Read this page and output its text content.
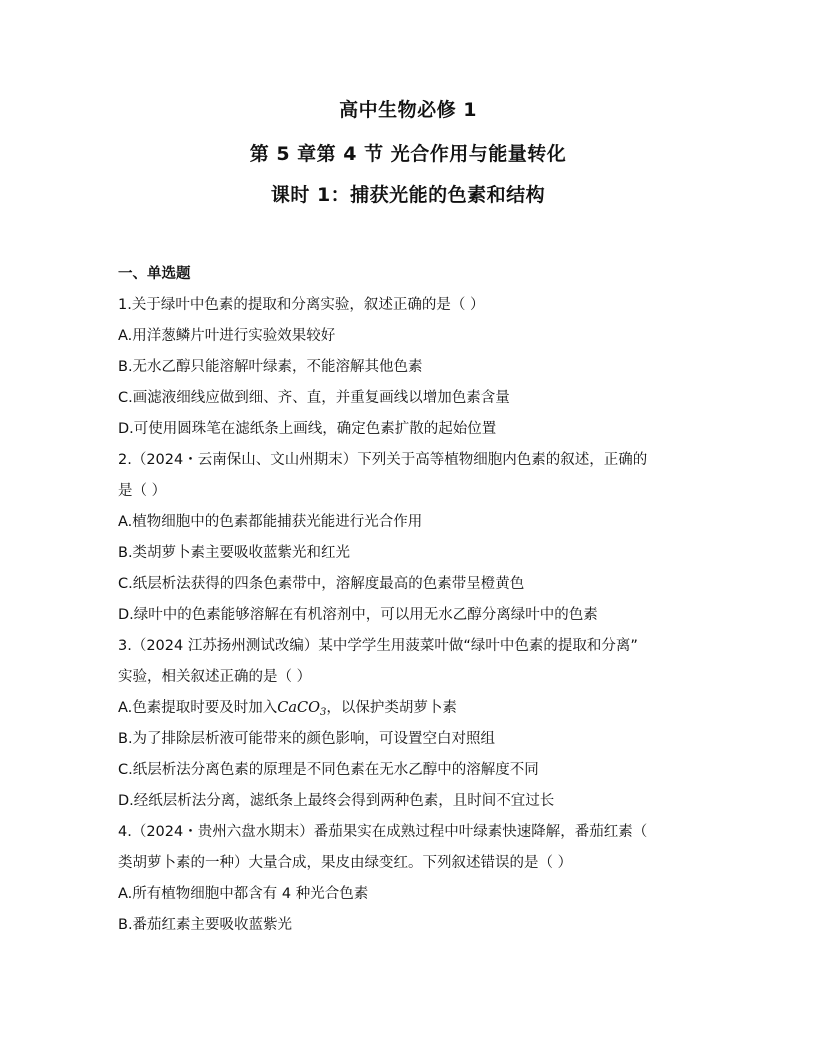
高中生物必修 1
第 5 章第 4 节 光合作用与能量转化
课时 1：捕获光能的色素和结构
一、单选题
1.关于绿叶中色素的提取和分离实验，叙述正确的是（ ）
A.用洋葱鳞片叶进行实验效果较好
B.无水乙醇只能溶解叶绿素，不能溶解其他色素
C.画滤液细线应做到细、齐、直，并重复画线以增加色素含量
D.可使用圆珠笔在滤纸条上画线，确定色素扩散的起始位置
2.（2024・云南保山、文山州期末）下列关于高等植物细胞内色素的叙述，正确的
是（ ）
A.植物细胞中的色素都能捕获光能进行光合作用
B.类胡萝卜素主要吸收蓝紫光和红光
C.纸层析法获得的四条色素带中，溶解度最高的色素带呈橙黄色
D.绿叶中的色素能够溶解在有机溶剂中，可以用无水乙醇分离绿叶中的色素
3.（2024 江苏扬州测试改编）某中学学生用菠菜叶做“绿叶中色素的提取和分离”
实验，相关叙述正确的是（ ）
A.色素提取时要及时加入CaCO$_3$，以保护类胡萝卜素
B.为了排除层析液可能带来的颜色影响，可设置空白对照组
C.纸层析法分离色素的原理是不同色素在无水乙醇中的溶解度不同
D.经纸层析法分离，滤纸条上最终会得到两种色素，且时间不宜过长
4.（2024・贵州六盘水期末）番茄果实在成熟过程中叶绿素快速降解，番茄红素（
类胡萝卜素的一种）大量合成，果皮由绿变红。下列叙述错误的是（ ）
A.所有植物细胞中都含有 4 种光合色素
B.番茄红素主要吸收蓝紫光
